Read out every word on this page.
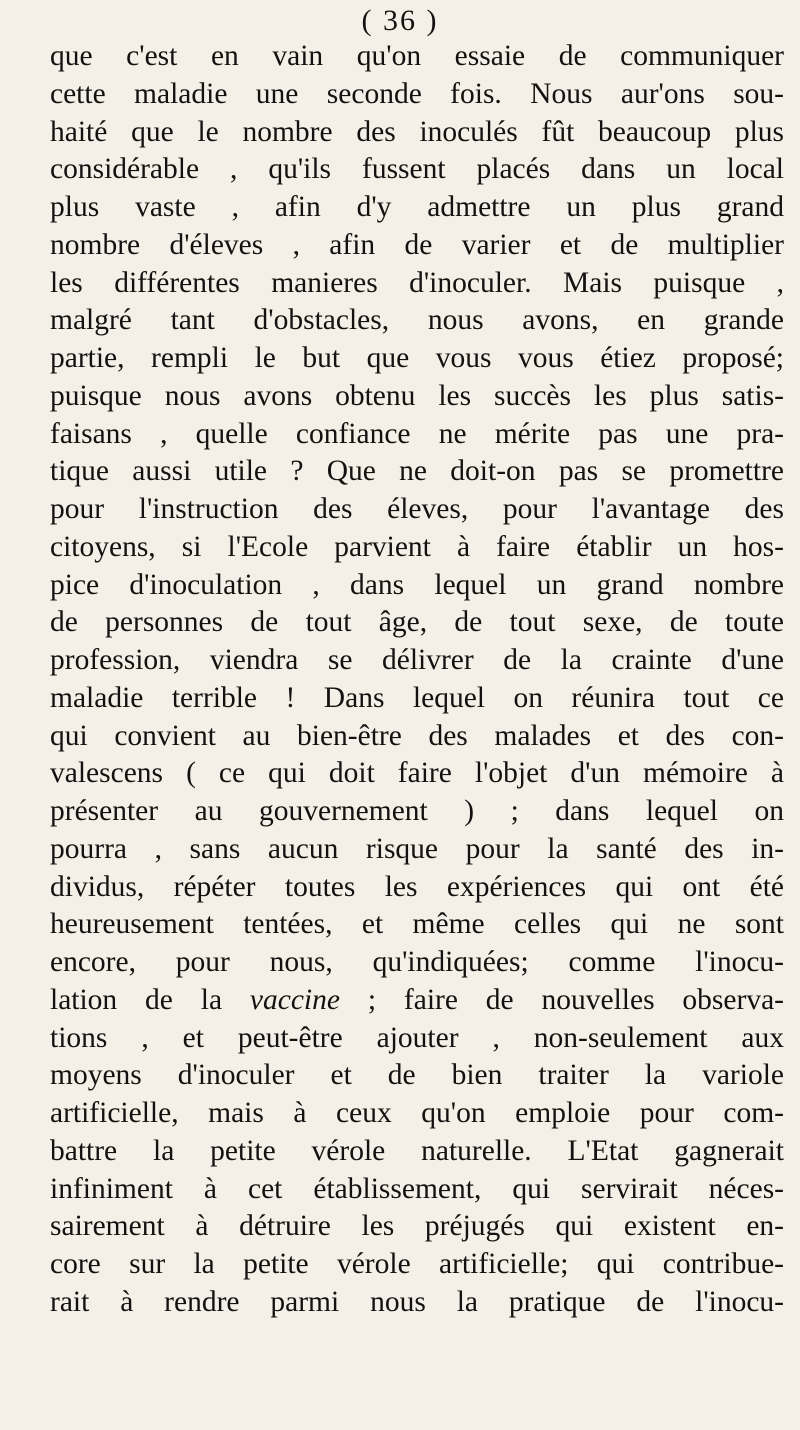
( 36 )
que c'est en vain qu'on essaie de communiquer
cette maladie une seconde fois. Nous aur'ons sou-
haité que le nombre des inoculés fût beaucoup plus
considérable , qu'ils fussent placés dans un local
plus vaste , afin d'y admettre un plus grand
nombre d'éleves , afin de varier et de multiplier
les différentes manieres d'inoculer. Mais puisque ,
malgré tant d'obstacles, nous avons, en grande
partie, rempli le but que vous vous étiez proposé;
puisque nous avons obtenu les succès les plus satis-
faisans , quelle confiance ne mérite pas une pra-
tique aussi utile ? Que ne doit-on pas se promettre
pour l'instruction des éleves, pour l'avantage des
citoyens, si l'Ecole parvient à faire établir un hos-
pice d'inoculation , dans lequel un grand nombre
de personnes de tout âge, de tout sexe, de toute
profession, viendra se délivrer de la crainte d'une
maladie terrible ! Dans lequel on réunira tout ce
qui convient au bien-être des malades et des con-
valescens ( ce qui doit faire l'objet d'un mémoire à
présenter au gouvernement ) ; dans lequel on
pourra , sans aucun risque pour la santé des in-
dividus, répéter toutes les expériences qui ont été
heureusement tentées, et même celles qui ne sont
encore, pour nous, qu'indiquées; comme l'inocu-
lation de la vaccine ; faire de nouvelles observa-
tions , et peut-être ajouter , non-seulement aux
moyens d'inoculer et de bien traiter la variole
artificielle, mais à ceux qu'on emploie pour com-
battre la petite vérole naturelle. L'Etat gagnerait
infiniment à cet établissement, qui servirait néces-
sairement à détruire les préjugés qui existent en-
core sur la petite vérole artificielle; qui contribue-
rait à rendre parmi nous la pratique de l'inocu-
